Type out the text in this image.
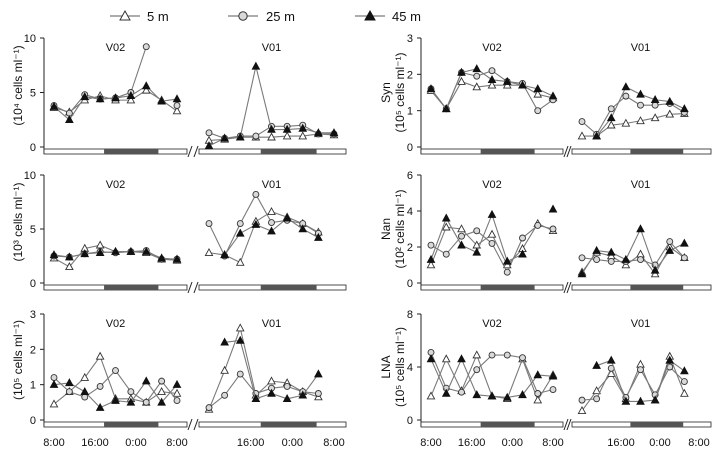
5 m	25 m	45 m
0
5
10
(10⁴ cells ml⁻¹)	V02	V01
0
1
2
3
Syn(10⁵ cells ml⁻¹)
V02	V01
0
5
10
(10³ cells ml⁻¹)	V02	V01
0
2
4
6
Nan(10² cells ml⁻¹)
V02	V01
0
1
2
3
(10⁵ cells ml⁻¹)
8:00 16:00 0:00 8:00	16:00 0:00 8:00
V02	V01
0
4
8
LNA(10⁵ cells ml⁻¹)
8:00 16:00 0:00 8:00	16:00 0:00 8:00
V02	V01
